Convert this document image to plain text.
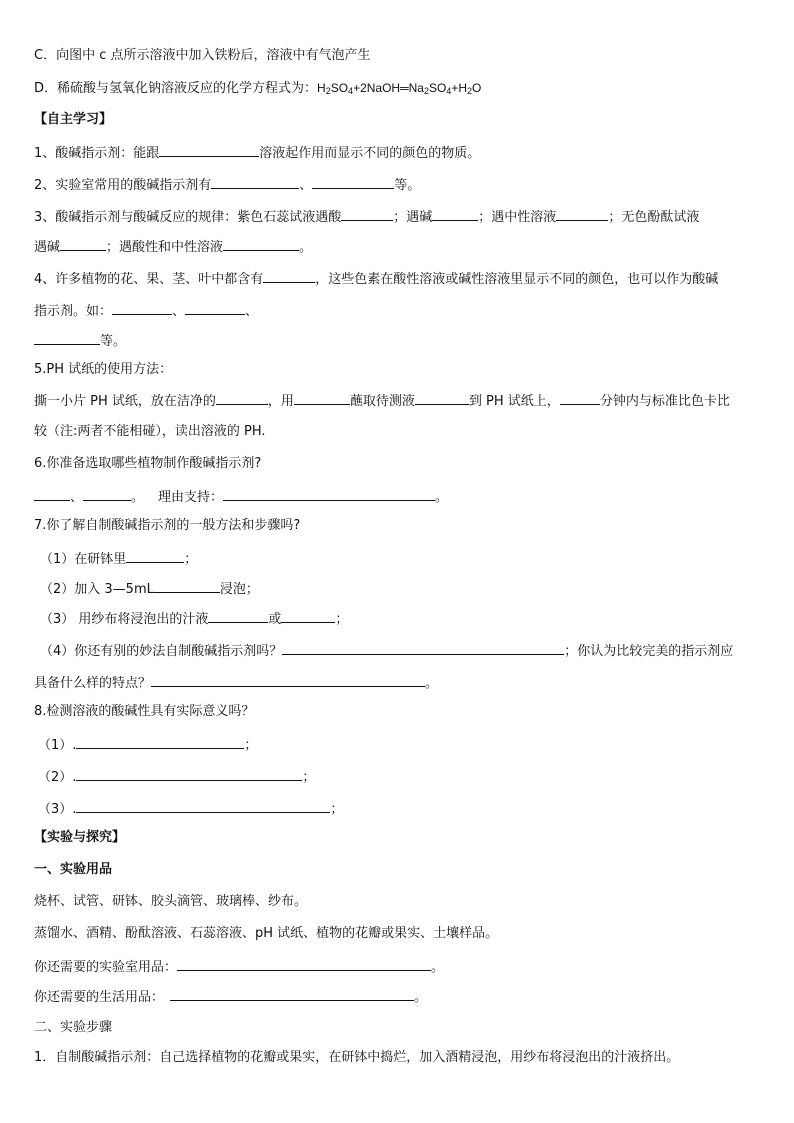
C．向图中 c 点所示溶液中加入铁粉后，溶液中有气泡产生
D．稀硫酸与氢氧化钠溶液反应的化学方程式为：$H_2SO_4+2NaOH═Na_2SO_4+H_2O$
【自主学习】
1、酸碱指示剂：能跟	溶液起作用而显示不同的颜色的物质。
2、实验室常用的酸碱指示剂有	、	等。
3、酸碱指示剂与酸碱反应的规律：紫色石蕊试液遇酸	；遇碱	；遇中性溶液	；无色酚酞试液
遇碱	；遇酸性和中性溶液	。
4、许多植物的花、果、茎、叶中都含有	，这些色素在酸性溶液或碱性溶液里显示不同的颜色，也可以作为酸碱
指示剂。如：	、	、
等。
5.PH 试纸的使用方法：
撕一小片 PH 试纸，放在洁净的	，用	蘸取待测液	到 PH 试纸上，	分钟内与标准比色卡比
较（注:两者不能相碰），读出溶液的 PH.
6.你准备选取哪些植物制作酸碱指示剂?
、	。 理由支持：	。
7.你了解自制酸碱指示剂的一般方法和步骤吗?
（1）在研钵里	；
（2）加入 3—5mL	浸泡；
（3） 用纱布将浸泡出的汁液	或	；
（4）你还有别的妙法自制酸碱指示剂吗？	；你认为比较完美的指示剂应
具备什么样的特点？	。
8.检测溶液的酸碱性具有实际意义吗？
（1）.	；
（2）.	；
（3）.	；
【实验与探究】
一、实验用品
烧杯、试管、研钵、胶头滴管、玻璃棒、纱布。
蒸馏水、酒精、酚酞溶液、石蕊溶液、pH 试纸、植物的花瓣或果实、土壤样品。
你还需要的实验室用品：	。
你还需要的生活用品：	。
二、实验步骤
1．自制酸碱指示剂：自己选择植物的花瓣或果实，在研钵中捣烂，加入酒精浸泡，用纱布将浸泡出的汁液挤出。
